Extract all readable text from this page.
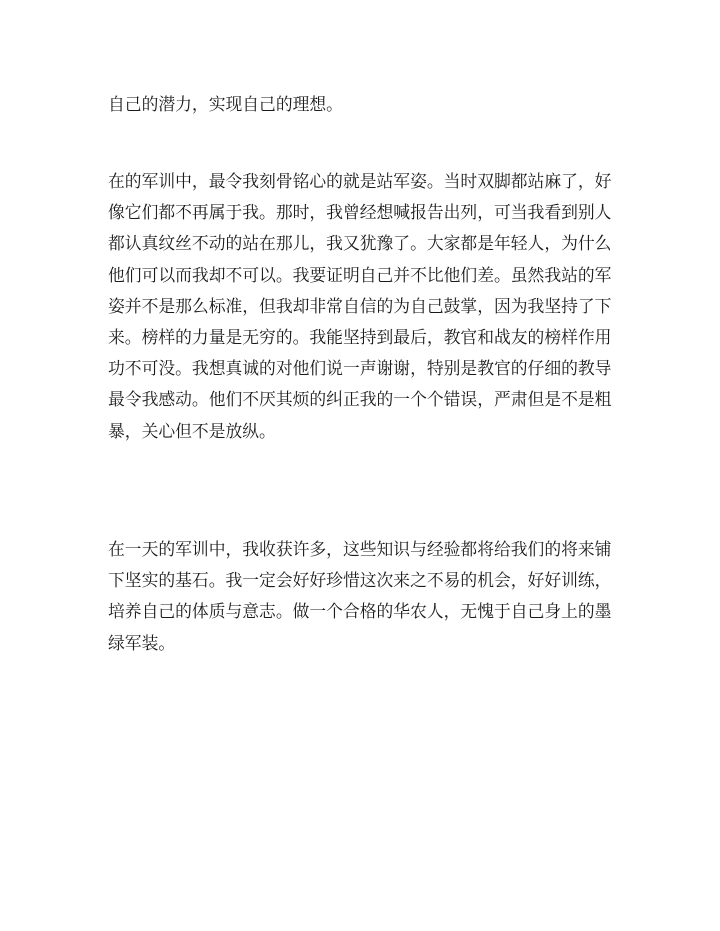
自己的潜力，实现自己的理想。

在的军训中，最令我刻骨铭心的就是站军姿。当时双脚都站麻了，好
像它们都不再属于我。那时，我曾经想喊报告出列，可当我看到别人
都认真纹丝不动的站在那儿，我又犹豫了。大家都是年轻人，为什么
他们可以而我却不可以。我要证明自己并不比他们差。虽然我站的军
姿并不是那么标准，但我却非常自信的为自己鼓掌，因为我坚持了下
来。榜样的力量是无穷的。我能坚持到最后，教官和战友的榜样作用
功不可没。我想真诚的对他们说一声谢谢，特别是教官的仔细的教导
最令我感动。他们不厌其烦的纠正我的一个个错误，严肃但是不是粗
暴，关心但不是放纵。

在一天的军训中，我收获许多，这些知识与经验都将给我们的将来铺
下坚实的基石。我一定会好好珍惜这次来之不易的机会，好好训练，
培养自己的体质与意志。做一个合格的华农人，无愧于自己身上的墨
绿军装。
